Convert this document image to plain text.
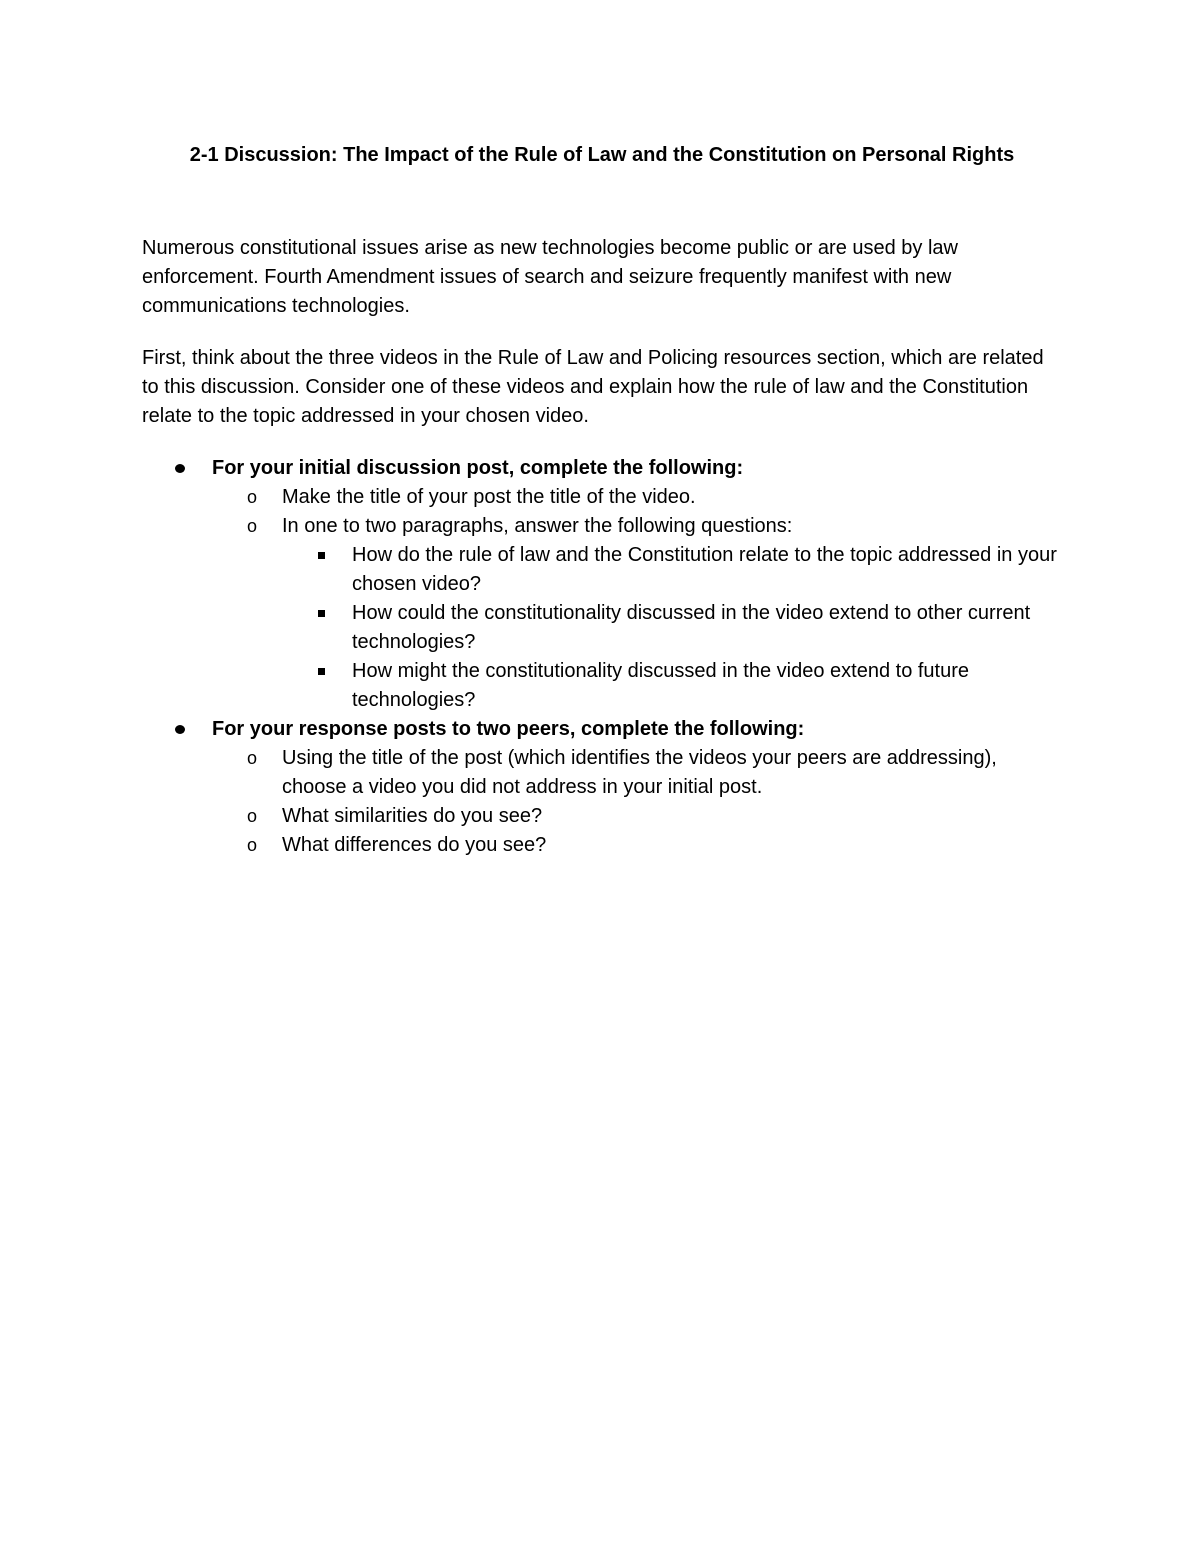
2-1 Discussion: The Impact of the Rule of Law and the Constitution on Personal Rights

Numerous constitutional issues arise as new technologies become public or are used by law enforcement. Fourth Amendment issues of search and seizure frequently manifest with new communications technologies.

First, think about the three videos in the Rule of Law and Policing resources section, which are related to this discussion. Consider one of these videos and explain how the rule of law and the Constitution relate to the topic addressed in your chosen video.

For your initial discussion post, complete the following:
o Make the title of your post the title of the video.
o In one to two paragraphs, answer the following questions:
How do the rule of law and the Constitution relate to the topic addressed in your chosen video?
How could the constitutionality discussed in the video extend to other current technologies?
How might the constitutionality discussed in the video extend to future technologies?
For your response posts to two peers, complete the following:
o Using the title of the post (which identifies the videos your peers are addressing), choose a video you did not address in your initial post.
o What similarities do you see?
o What differences do you see?
